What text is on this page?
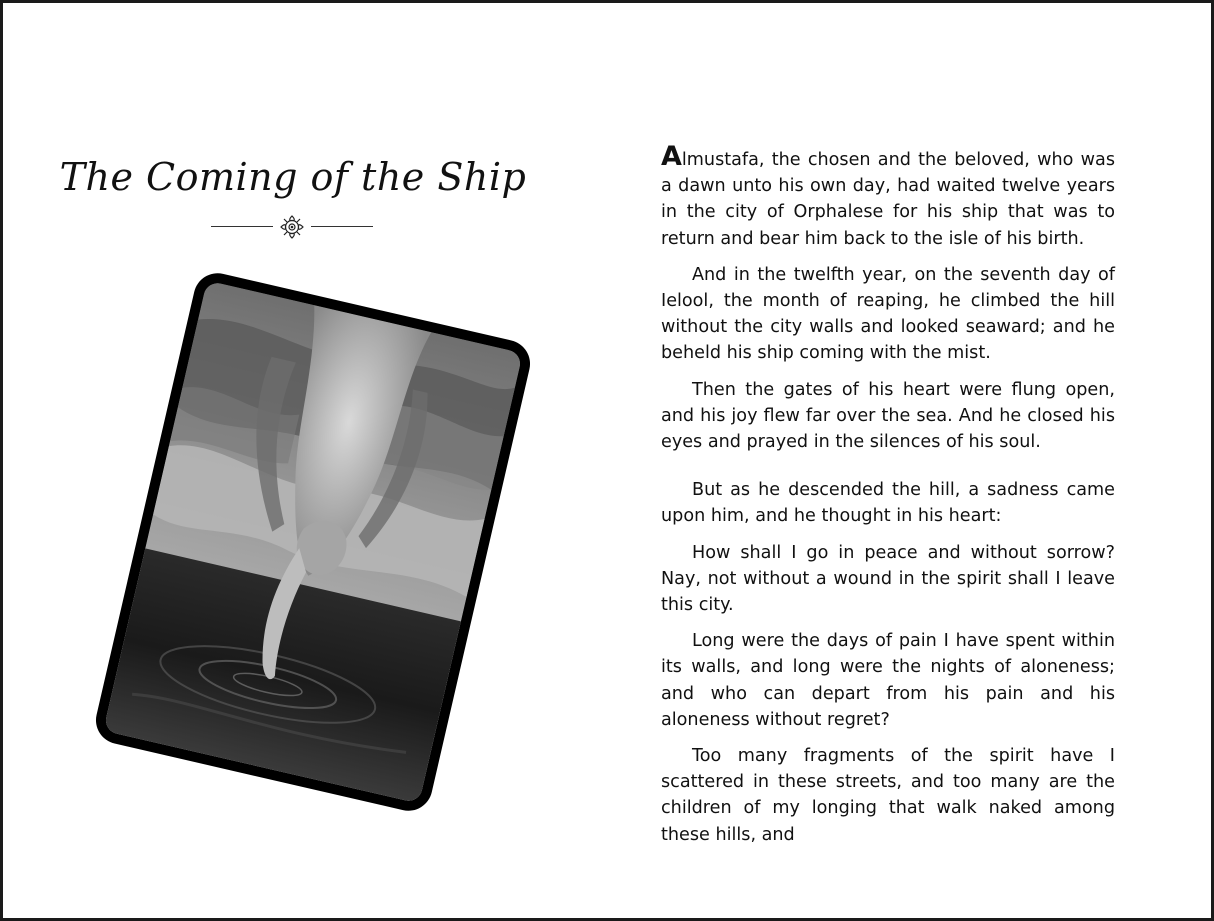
The Coming of the Ship	Almustafa, the chosen and the beloved, who was a dawn unto his own day, had waited twelve years in the city of Orphalese for his ship that was to return and bear him back to the isle of his birth.

And in the twelfth year, on the seventh day of Ielool, the month of reaping, he climbed the hill without the city walls and looked seaward; and he beheld his ship coming with the mist.

Then the gates of his heart were flung open, and his joy flew far over the sea. And he closed his eyes and prayed in the silences of his soul.

But as he descended the hill, a sadness came upon him, and he thought in his heart:

How shall I go in peace and without sorrow? Nay, not without a wound in the spirit shall I leave this city.

Long were the days of pain I have spent within its walls, and long were the nights of aloneness; and who can depart from his pain and his aloneness without regret?

Too many fragments of the spirit have I scattered in these streets, and too many are the children of my longing that walk naked among these hills, and
